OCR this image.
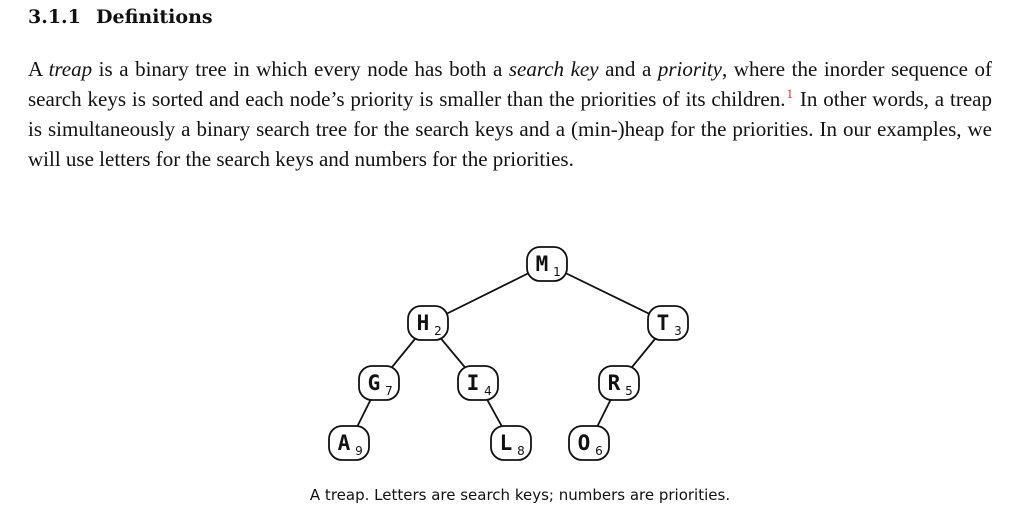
3.1.1 Definitions

A treap is a binary tree in which every node has both a search key and a priority, where the inorder sequence of search keys is sorted and each node’s priority is smaller than the priorities of its children.$^1$ In other words, a treap is simultaneously a binary search tree for the search keys and a (min-)heap for the priorities. In our examples, we will use letters for the search keys and numbers for the priorities.

M 1
H 2	T 3
G 7	I 4	R 5
A 9	L 8	O 6
A treap. Letters are search keys; numbers are priorities.
